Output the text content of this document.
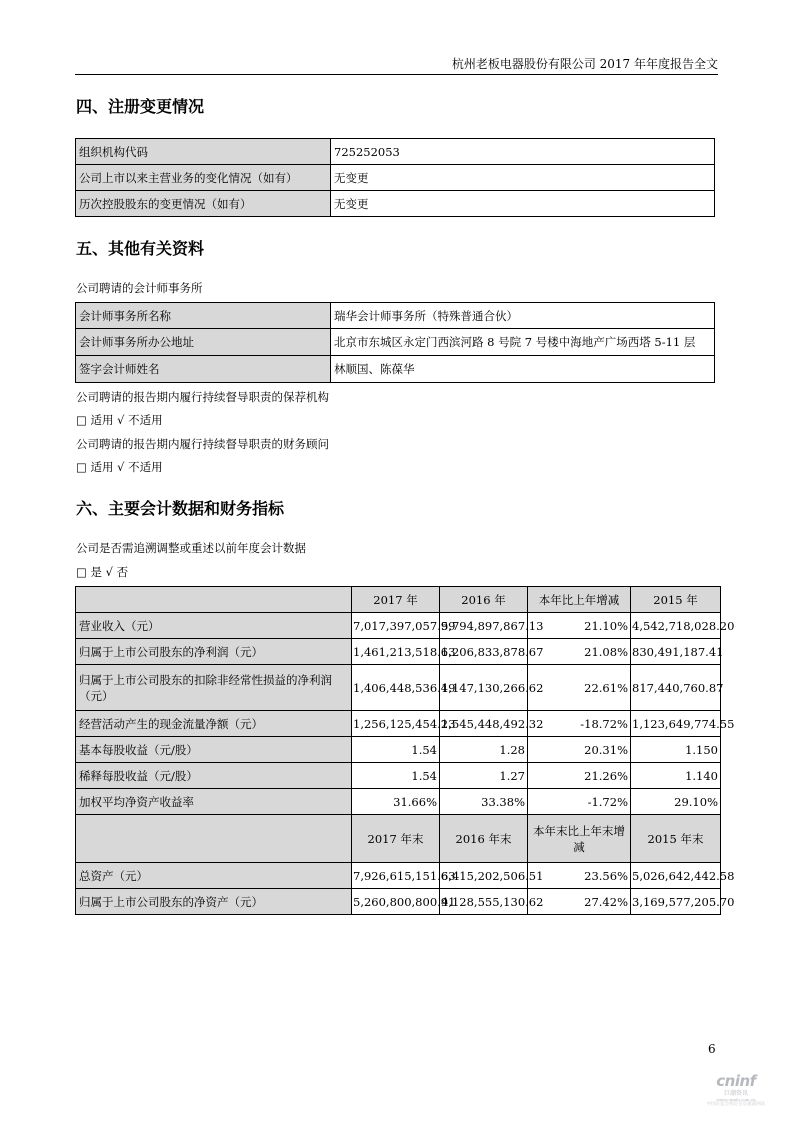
杭州老板电器股份有限公司 2017 年年度报告全文
四、注册变更情况
组织机构代码	725252053
公司上市以来主营业务的变化情况（如有）	无变更
历次控股股东的变更情况（如有）	无变更
五、其他有关资料
公司聘请的会计师事务所
会计师事务所名称	瑞华会计师事务所（特殊普通合伙）
会计师事务所办公地址	北京市东城区永定门西滨河路 8 号院 7 号楼中海地产广场西塔 5-11 层
签字会计师姓名	林顺国、陈葆华
公司聘请的报告期内履行持续督导职责的保荐机构
□ 适用 √ 不适用
公司聘请的报告期内履行持续督导职责的财务顾问
□ 适用 √ 不适用
六、主要会计数据和财务指标
公司是否需追溯调整或重述以前年度会计数据
□ 是 √ 否
	2017 年	2016 年	本年比上年增减	2015 年
营业收入（元）	7,017,397,057.99	5,794,897,867.13	21.10%	4,542,718,028.20
归属于上市公司股东的净利润（元）	1,461,213,518.63	1,206,833,878.67	21.08%	830,491,187.41
归属于上市公司股东的扣除非经常性损益的净利润（元）	1,406,448,536.49	1,147,130,266.62	22.61%	817,440,760.87
经营活动产生的现金流量净额（元）	1,256,125,454.23	1,545,448,492.32	-18.72%	1,123,649,774.55
基本每股收益（元/股）	1.54	1.28	20.31%	1.150
稀释每股收益（元/股）	1.54	1.27	21.26%	1.140
加权平均净资产收益率	31.66%	33.38%	-1.72%	29.10%
	2017 年末	2016 年末	本年末比上年末增减	2015 年末
总资产（元）	7,926,615,151.63	6,415,202,506.51	23.56%	5,026,642,442.58
归属于上市公司股东的净资产（元）	5,260,800,800.91	4,128,555,130.62	27.42%	3,169,577,205.70
6
cninf
巨潮资讯
www.cninfo.com.cn
中国证监会指定信息披露网站
